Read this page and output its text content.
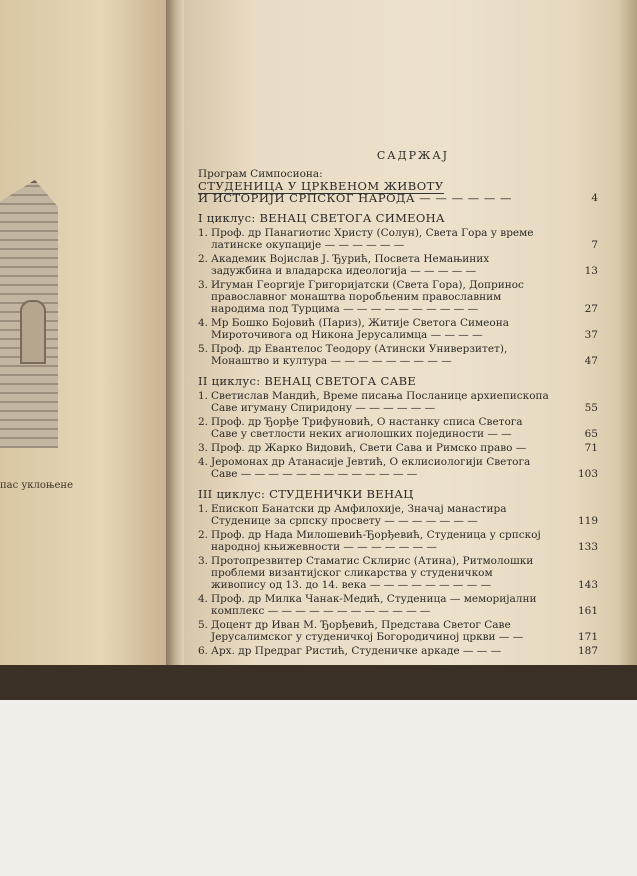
пас уклоњене
САДРЖАЈ
Програм Симпосиона:
СТУДЕНИЦА У ЦРКВЕНОМ ЖИВОТУ
И ИСТОРИЈИ СРПСКОГ НАРОДА — — — — — —	4
I циклус: ВЕНАЦ СВЕТОГА СИМЕОНА
1. Проф. др Панагиотис Христу (Солун), Света Гора у време латинске окупације — — — — — —	7
2. Академик Војислав Ј. Ђурић, Посвета Немањиних задужбина и владарска идеологија — — — — —	13
3. Игуман Георгије Григоријатски (Света Гора), Допринос православног монаштва поробљеним православним народима под Турцима — — — — — — — — — —	27
4. Мр Бошко Бојовић (Париз), Житије Светога Симеона Мироточивога од Никона Јерусалимца — — — —	37
5. Проф. др Евантелос Теодору (Атински Универзитет), Монаштво и култура — — — — — — — — —	47
II циклус: ВЕНАЦ СВЕТОГА САВЕ
1. Светислав Мандић, Време писања Посланице архиепископа Саве игуману Спиридону — — — — — —	55
2. Проф. др Ђорђе Трифуновић, О настанку списа Светога Саве у светлости неких агиолошких појединости — —	65
3. Проф. др Жарко Видовић, Свети Сава и Римско право —	71
4. Јеромонах др Атанасије Јевтић, О еклисиологији Светога Саве — — — — — — — — — — — — —	103
III циклус: СТУДЕНИЧКИ ВЕНАЦ
1. Епископ Банатски др Амфилохије, Значај манастира Студенице за српску просвету — — — — — — —	119
2. Проф. др Нада Милошевић-Ђорђевић, Студеница у српској народној књижевности — — — — — — —	133
3. Протопрезвитер Стаматис Склирис (Атина), Ритмолошки проблеми византијског сликарства у студеничком живопису од 13. до 14. века — — — — — — — — —	143
4. Проф. др Милка Чанак-Медић, Студеница — меморијални комплекс — — — — — — — — — — — —	161
5. Доцент др Иван М. Ђорђевић, Представа Светог Саве Јерусалимског у студеничкој Богородичиној цркви — —	171
6. Арх. др Предраг Ристић, Студеничке аркаде — — —	187
